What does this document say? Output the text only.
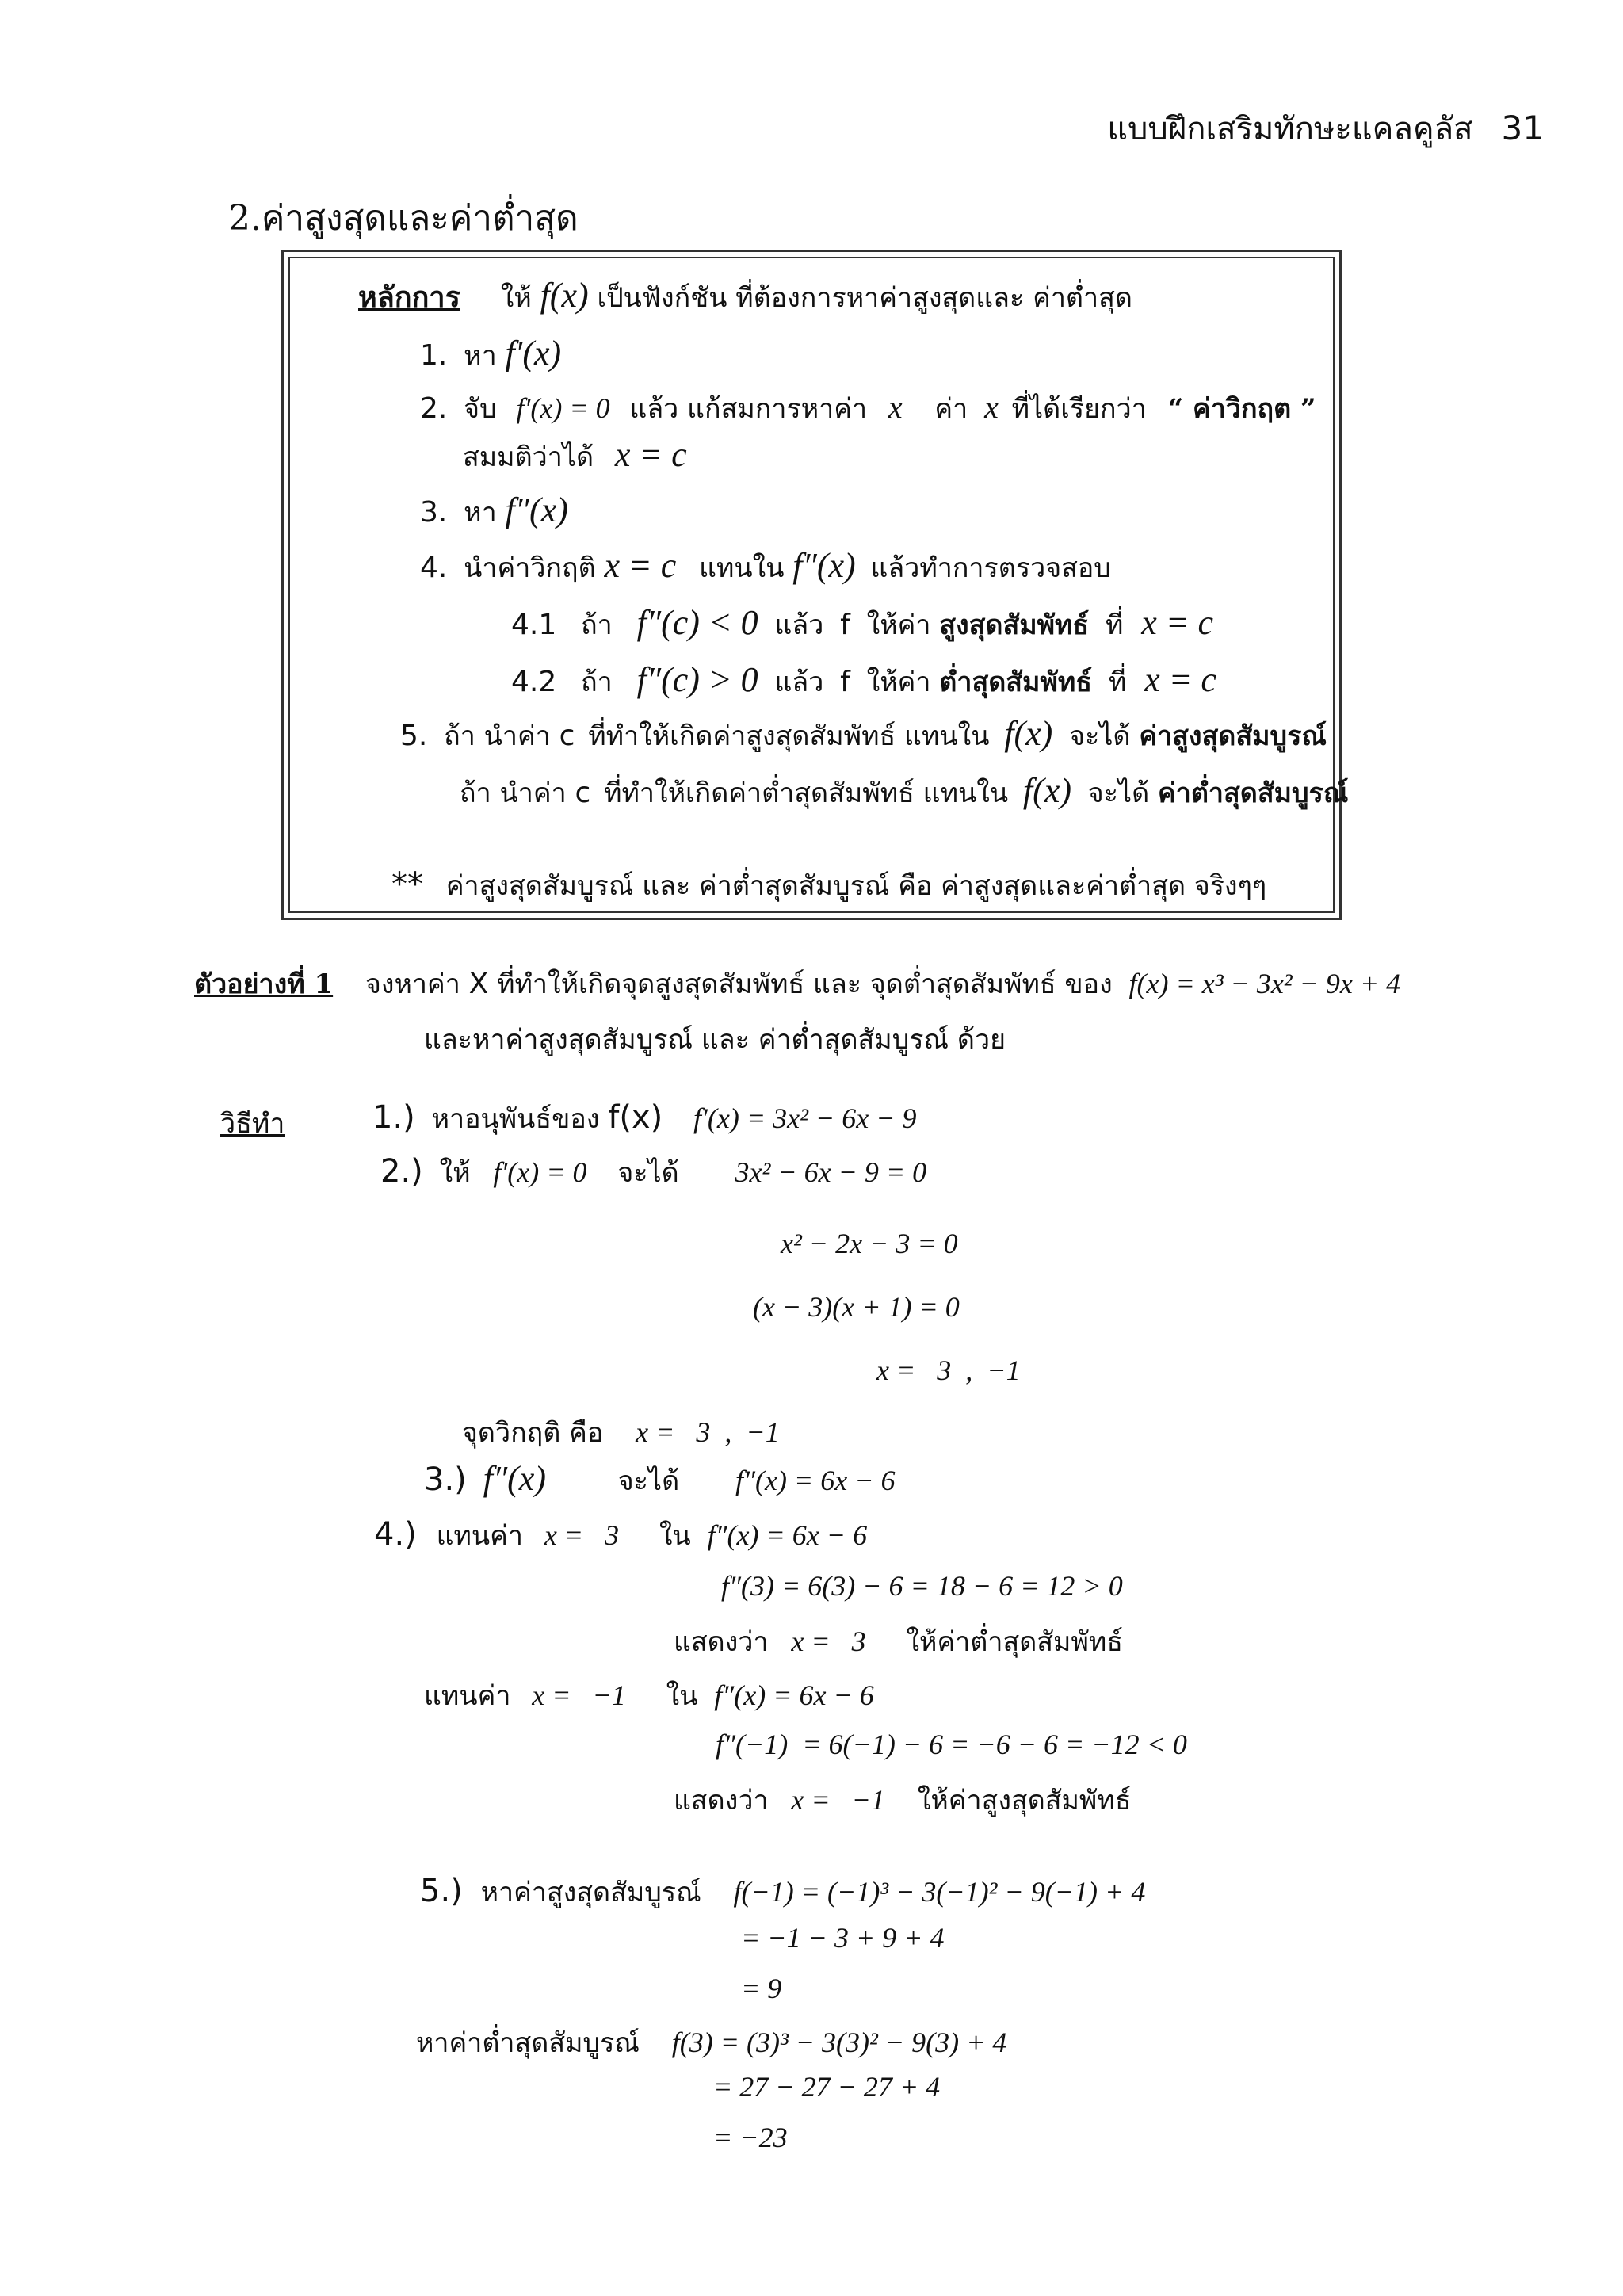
แบบฝึกเสริมทักษะแคลคูลัส 31
2.ค่าสูงสุดและค่าต่ำสุด
หลักการ ให้ f(x) เป็นฟังก์ชัน ที่ต้องการหาค่าสูงสุดและ ค่าต่ำสุด
1. หา f′(x)
2. จับ f′(x) = 0 แล้ว แก้สมการหาค่า x ค่า x ที่ได้เรียกว่า “ ค่าวิกฤต ”
สมมติว่าได้ x = c
3. หา f″(x)
4. นำค่าวิกฤติ x = c แทนใน f″(x) แล้วทำการตรวจสอบ
4.1 ถ้า f″(c) < 0 แล้ว f ให้ค่า สูงสุดสัมพัทธ์ ที่ x = c
4.2 ถ้า f″(c) > 0 แล้ว f ให้ค่า ต่ำสุดสัมพัทธ์ ที่ x = c
5. ถ้า นำค่า c ที่ทำให้เกิดค่าสูงสุดสัมพัทธ์ แทนใน f(x) จะได้ ค่าสูงสุดสัมบูรณ์
ถ้า นำค่า c ที่ทำให้เกิดค่าต่ำสุดสัมพัทธ์ แทนใน f(x) จะได้ ค่าต่ำสุดสัมบูรณ์
** ค่าสูงสุดสัมบูรณ์ และ ค่าต่ำสุดสัมบูรณ์ คือ ค่าสูงสุดและค่าต่ำสุด จริงๆๆ
ตัวอย่างที่ 1 จงหาค่า X ที่ทำให้เกิดจุดสูงสุดสัมพัทธ์ และ จุดต่ำสุดสัมพัทธ์ ของ f(x) = x³ − 3x² − 9x + 4
และหาค่าสูงสุดสัมบูรณ์ และ ค่าต่ำสุดสัมบูรณ์ ด้วย
วิธีทำ	1.) หาอนุพันธ์ของ f(x) f′(x) = 3x² − 6x − 9
2.) ให้ f′(x) = 0 จะได้ 3x² − 6x − 9 = 0
x² − 2x − 3 = 0
(x − 3)(x + 1) = 0
x =   3  ,  −1
จุดวิกฤติ คือ x =   3  ,  −1
3.) f″(x)	จะได้ f″(x) = 6x − 6
4.) แทนค่า x =   3 ใน f″(x) = 6x − 6
f″(3) = 6(3) − 6 = 18 − 6 = 12 > 0
แสดงว่า x =   3 ให้ค่าต่ำสุดสัมพัทธ์
แทนค่า x =   −1 ใน f″(x) = 6x − 6
f″(−1)  = 6(−1) − 6 = −6 − 6 = −12 < 0
แสดงว่า x =   −1 ให้ค่าสูงสุดสัมพัทธ์
5.) หาค่าสูงสุดสัมบูรณ์ f(−1) = (−1)³ − 3(−1)² − 9(−1) + 4
= −1 − 3 + 9 + 4
= 9
หาค่าต่ำสุดสัมบูรณ์ f(3) = (3)³ − 3(3)² − 9(3) + 4
= 27 − 27 − 27 + 4
= −23
